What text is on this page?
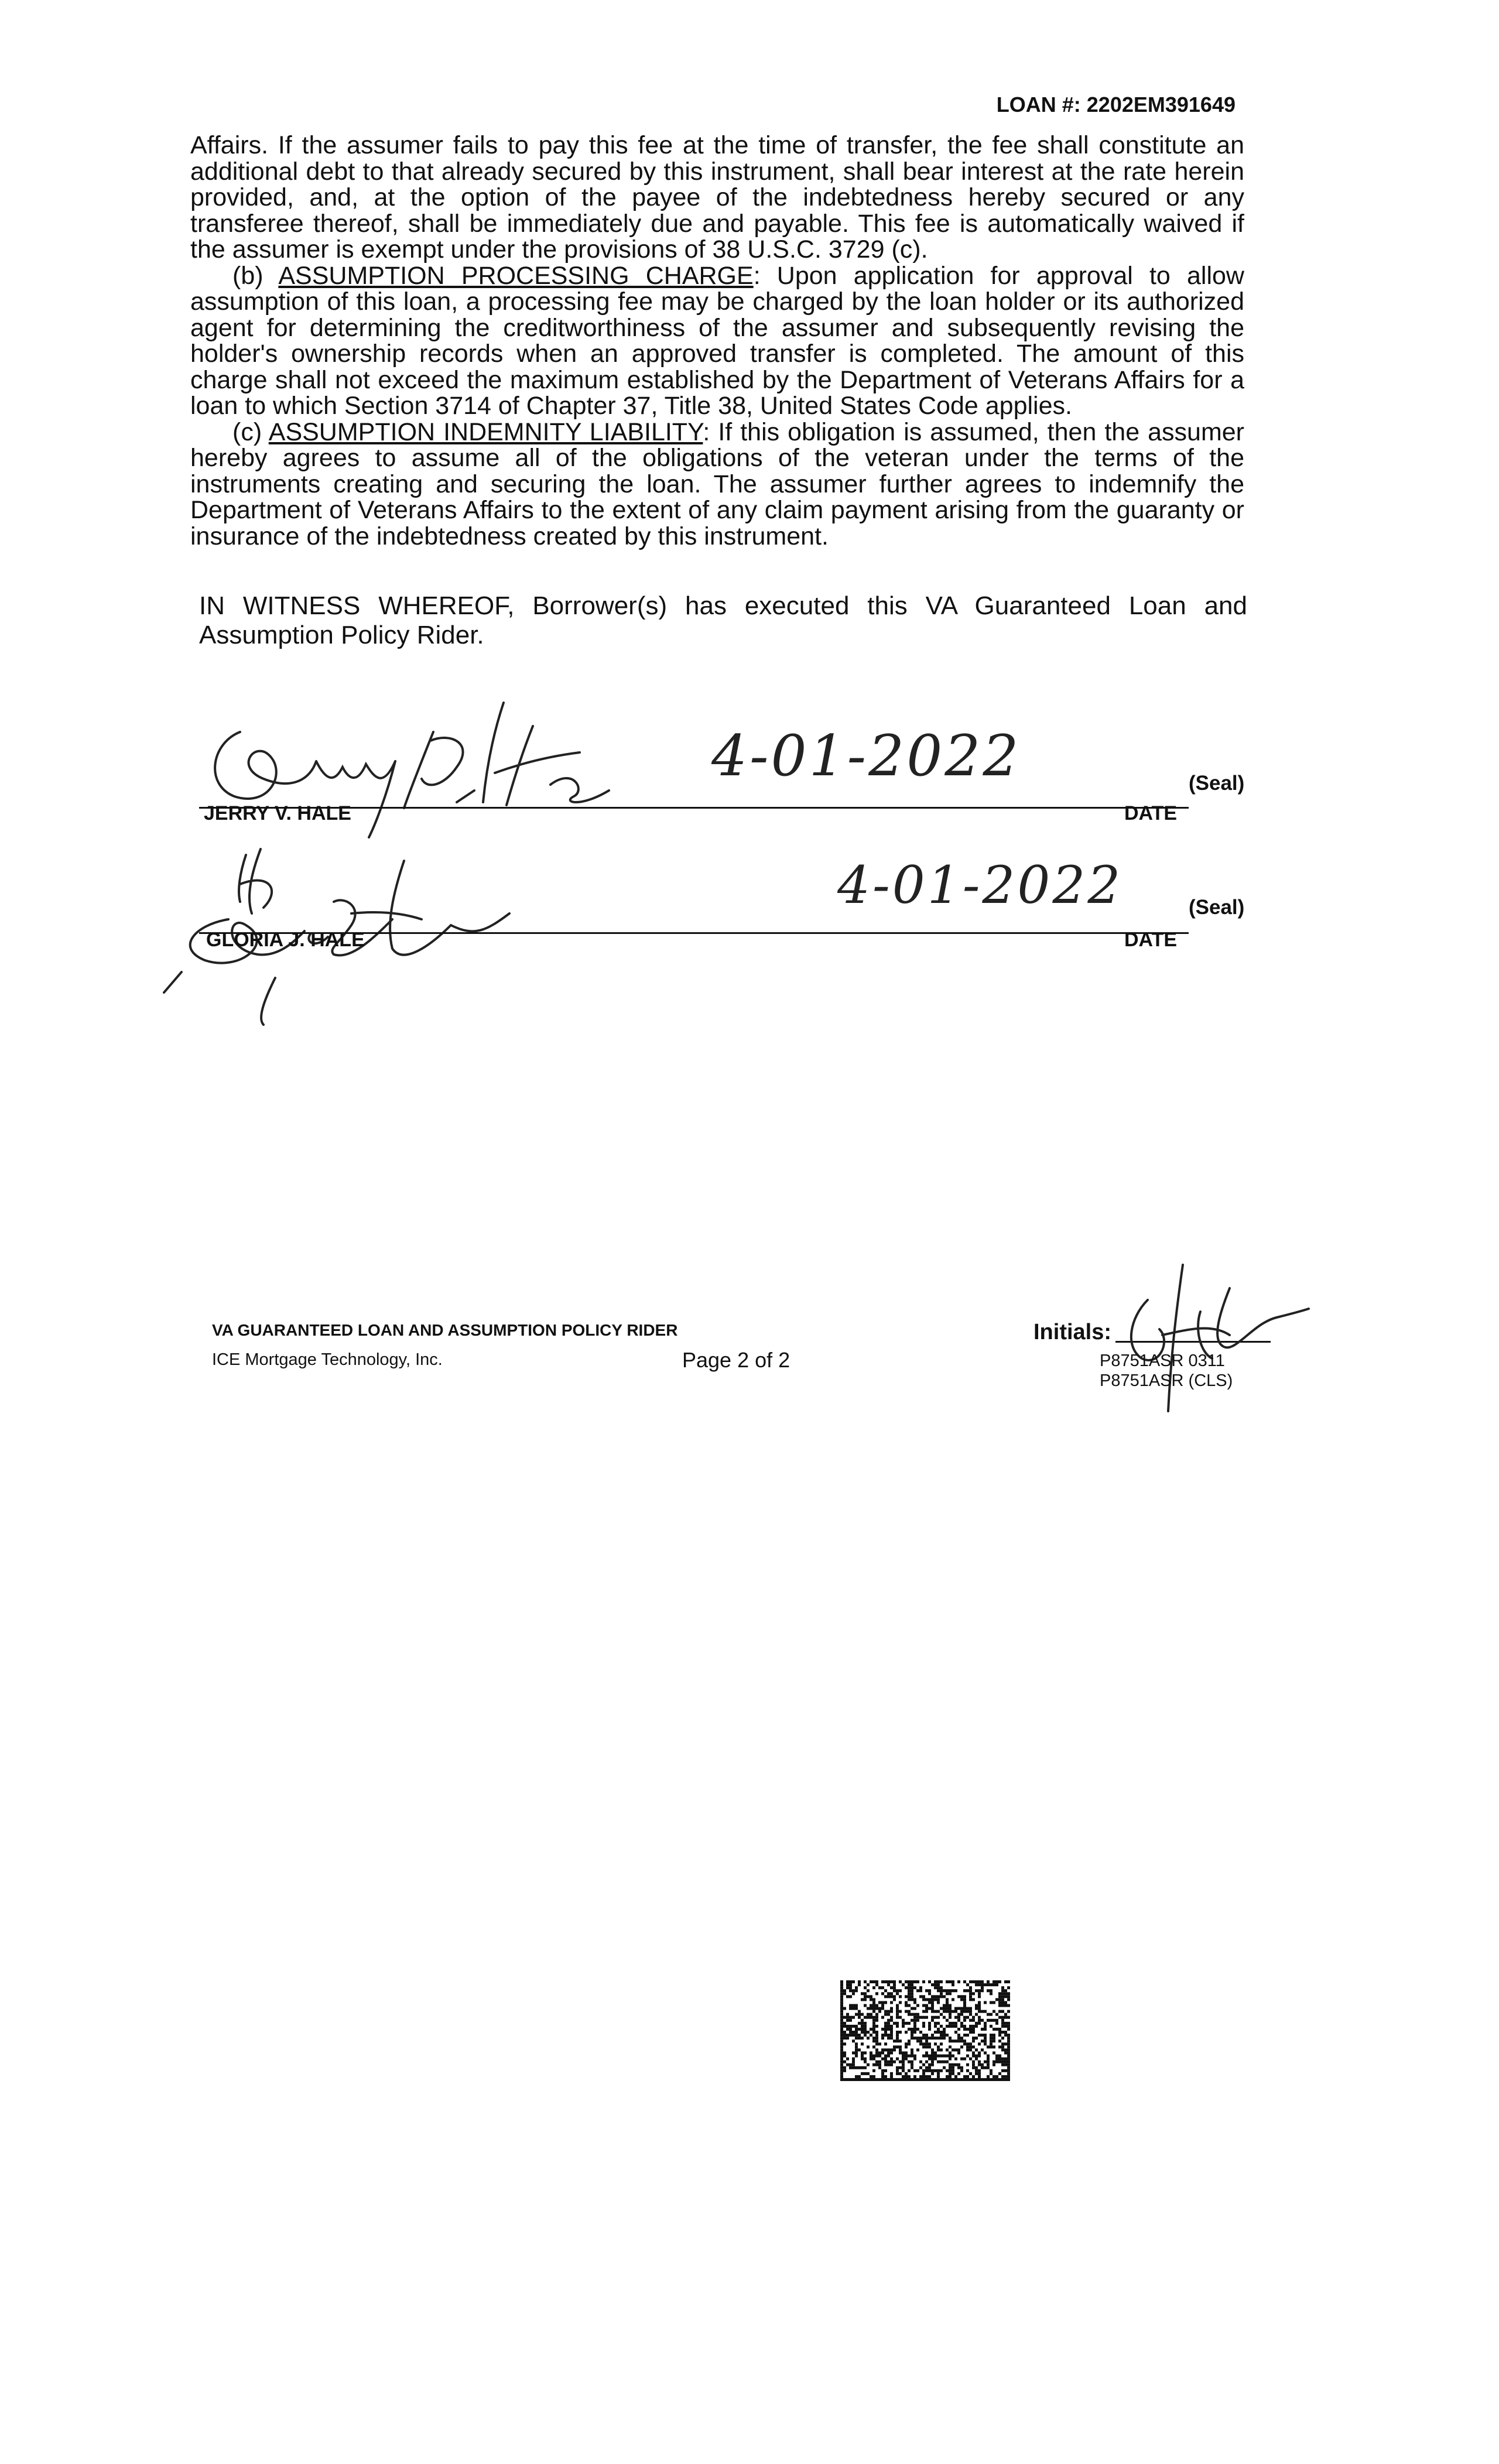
LOAN #: 2202EM391649

Affairs. If the assumer fails to pay this fee at the time of transfer, the fee shall constitute an additional debt to that already secured by this instrument, shall bear interest at the rate herein provided, and, at the option of the payee of the indebtedness hereby secured or any transferee thereof, shall be immediately due and payable. This fee is automatically waived if the assumer is exempt under the provisions of 38 U.S.C. 3729 (c).

(b) ASSUMPTION PROCESSING CHARGE: Upon application for approval to allow assumption of this loan, a processing fee may be charged by the loan holder or its authorized agent for determining the creditworthiness of the assumer and subsequently revising the holder's ownership records when an approved transfer is completed. The amount of this charge shall not exceed the maximum established by the Department of Veterans Affairs for a loan to which Section 3714 of Chapter 37, Title 38, United States Code applies.

(c) ASSUMPTION INDEMNITY LIABILITY: If this obligation is assumed, then the assumer hereby agrees to assume all of the obligations of the veteran under the terms of the instruments creating and securing the loan. The assumer further agrees to indemnify the Department of Veterans Affairs to the extent of any claim payment arising from the guaranty or insurance of the indebtedness created by this instrument.

IN WITNESS WHEREOF, Borrower(s) has executed this VA Guaranteed Loan and Assumption Policy Rider.
4-01-2022	(Seal)
JERRY V. HALE	DATE
4-01-2022	(Seal)
GLORIA J. HALE	DATE
VA GUARANTEED LOAN AND ASSUMPTION POLICY RIDER
ICE Mortgage Technology, Inc.	Page 2 of 2
Initials:
P8751ASR 0311
P8751ASR (CLS)
